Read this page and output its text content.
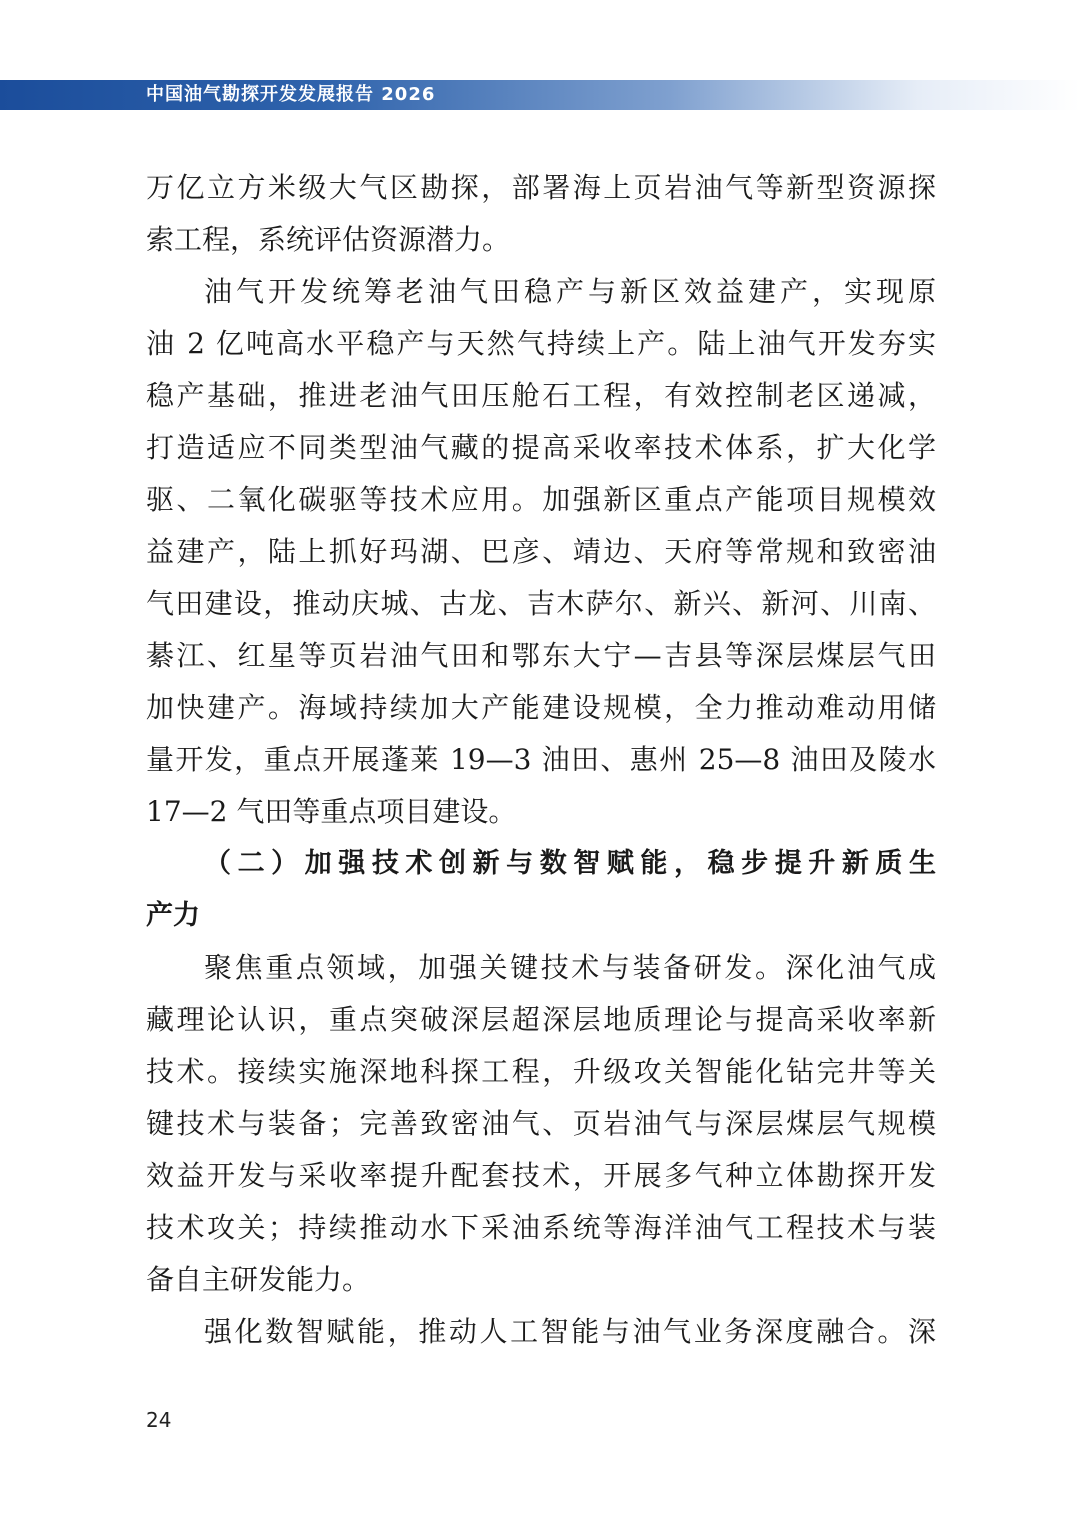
中国油气勘探开发发展报告 2026
万亿立方米级大气区勘探，部署海上页岩油气等新型资源探
索工程，系统评估资源潜力。
油气开发统筹老油气田稳产与新区效益建产，实现原
油 2 亿吨高水平稳产与天然气持续上产。陆上油气开发夯实
稳产基础，推进老油气田压舱石工程，有效控制老区递减，
打造适应不同类型油气藏的提高采收率技术体系，扩大化学
驱、二氧化碳驱等技术应用。加强新区重点产能项目规模效
益建产，陆上抓好玛湖、巴彦、靖边、天府等常规和致密油
气田建设，推动庆城、古龙、吉木萨尔、新兴、新河、川南、
綦江、红星等页岩油气田和鄂东大宁—吉县等深层煤层气田
加快建产。海域持续加大产能建设规模，全力推动难动用储
量开发，重点开展蓬莱 19—3 油田、惠州 25—8 油田及陵水
17—2 气田等重点项目建设。
（二）加强技术创新与数智赋能，稳步提升新质生
产力
聚焦重点领域，加强关键技术与装备研发。深化油气成
藏理论认识，重点突破深层超深层地质理论与提高采收率新
技术。接续实施深地科探工程，升级攻关智能化钻完井等关
键技术与装备；完善致密油气、页岩油气与深层煤层气规模
效益开发与采收率提升配套技术，开展多气种立体勘探开发
技术攻关；持续推动水下采油系统等海洋油气工程技术与装
备自主研发能力。
强化数智赋能，推动人工智能与油气业务深度融合。深
24
